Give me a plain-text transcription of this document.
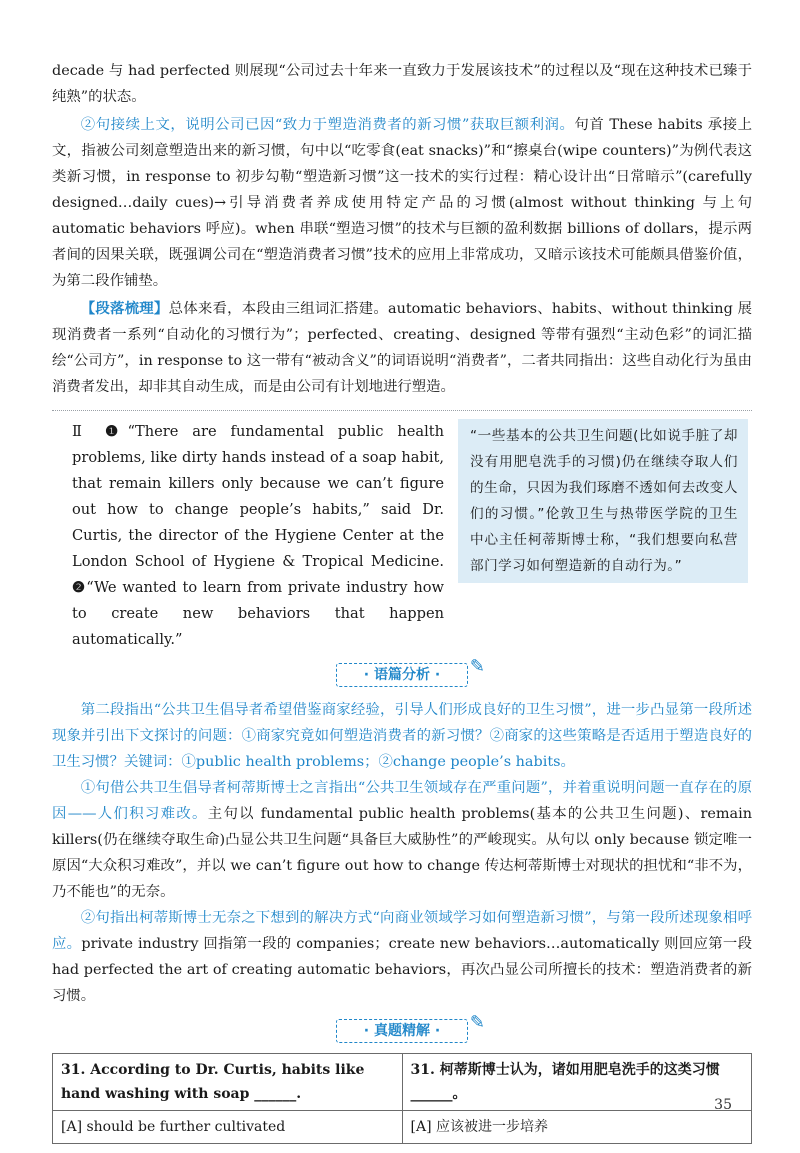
decade 与 had perfected 则展现“公司过去十年来一直致力于发展该技术”的过程以及“现在这种技术已臻于纯熟”的状态。

②句接续上文，说明公司已因“致力于塑造消费者的新习惯”获取巨额利润。句首 These habits 承接上文，指被公司刻意塑造出来的新习惯，句中以“吃零食(eat snacks)”和“擦桌台(wipe counters)”为例代表这类新习惯，in response to 初步勾勒“塑造新习惯”这一技术的实行过程：精心设计出“日常暗示”(carefully designed…daily cues)→引导消费者养成使用特定产品的习惯(almost without thinking 与上句 automatic behaviors 呼应)。when 串联“塑造习惯”的技术与巨额的盈利数据 billions of dollars，提示两者间的因果关联，既强调公司在“塑造消费者习惯”技术的应用上非常成功，又暗示该技术可能颇具借鉴价值，为第二段作铺垫。

【段落梳理】总体来看，本段由三组词汇搭建。automatic behaviors、habits、without thinking 展现消费者一系列“自动化的习惯行为”；perfected、creating、designed 等带有强烈“主动色彩”的词汇描绘“公司方”，in response to 这一带有“被动含义”的词语说明“消费者”，二者共同指出：这些自动化行为虽由消费者发出，却非其自动生成，而是由公司有计划地进行塑造。

Ⅱ ❶“There are fundamental public health problems, like dirty hands instead of a soap habit, that remain killers only because we can’t figure out how to change people’s habits,” said Dr. Curtis, the director of the Hygiene Center at the London School of Hygiene & Tropical Medicine. ❷“We wanted to learn from private industry how to create new behaviors that happen automatically.”

“一些基本的公共卫生问题(比如说手脏了却没有用肥皂洗手的习惯)仍在继续夺取人们的生命，只因为我们琢磨不透如何去改变人们的习惯。”伦敦卫生与热带医学院的卫生中心主任柯蒂斯博士称，“我们想要向私营部门学习如何塑造新的自动行为。”
· 语篇分析 · ✎

第二段指出“公共卫生倡导者希望借鉴商家经验，引导人们形成良好的卫生习惯”，进一步凸显第一段所述现象并引出下文探讨的问题：①商家究竟如何塑造消费者的新习惯？②商家的这些策略是否适用于塑造良好的卫生习惯？关键词：①public health problems；②change people’s habits。

①句借公共卫生倡导者柯蒂斯博士之言指出“公共卫生领域存在严重问题”，并着重说明问题一直存在的原因——人们积习难改。主句以 fundamental public health problems(基本的公共卫生问题)、remain killers(仍在继续夺取生命)凸显公共卫生问题“具备巨大威胁性”的严峻现实。从句以 only because 锁定唯一原因“大众积习难改”，并以 we can’t figure out how to change 传达柯蒂斯博士对现状的担忧和“非不为，乃不能也”的无奈。

②句指出柯蒂斯博士无奈之下想到的解决方式“向商业领域学习如何塑造新习惯”，与第一段所述现象相呼应。private industry 回指第一段的 companies；create new behaviors…automatically 则回应第一段 had perfected the art of creating automatic behaviors，再次凸显公司所擅长的技术：塑造消费者的新习惯。

· 真题精解 · ✎
31. According to Dr. Curtis, habits like hand washing with soap ______.	31. 柯蒂斯博士认为，诸如用肥皂洗手的这类习惯______。
[A] should be further cultivated	[A] 应该被进一步培养
35
